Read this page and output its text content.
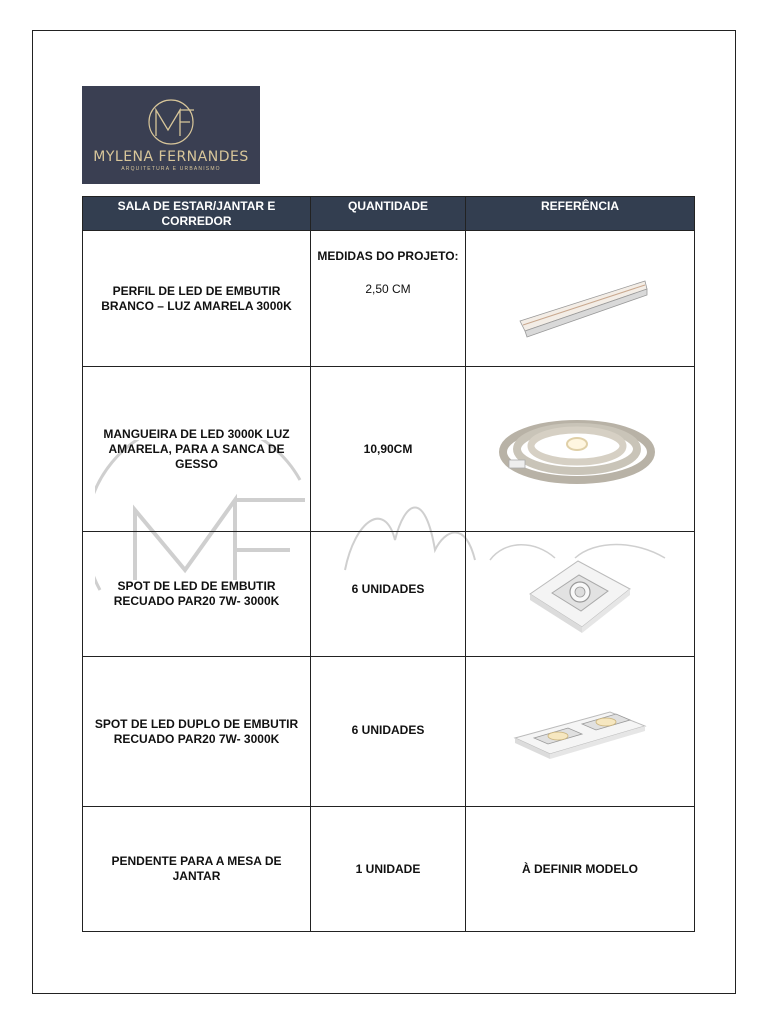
MYLENA FERNANDES
ARQUITETURA E URBANISMO
SALA DE ESTAR/JANTAR E CORREDOR	QUANTIDADE	REFERÊNCIA
PERFIL DE LED DE EMBUTIR BRANCO – LUZ AMARELA 3000K	MEDIDAS DO PROJETO:
2,50 CM

MANGUEIRA DE LED 3000K LUZ AMARELA, PARA A SANCA DE GESSO	10,90CM	

SPOT DE LED DE EMBUTIR RECUADO PAR20 7W- 3000K	6 UNIDADES	

SPOT DE LED DUPLO DE EMBUTIR RECUADO PAR20 7W- 3000K	6 UNIDADES	

PENDENTE PARA A MESA DE JANTAR	1 UNIDADE	À DEFINIR MODELO
